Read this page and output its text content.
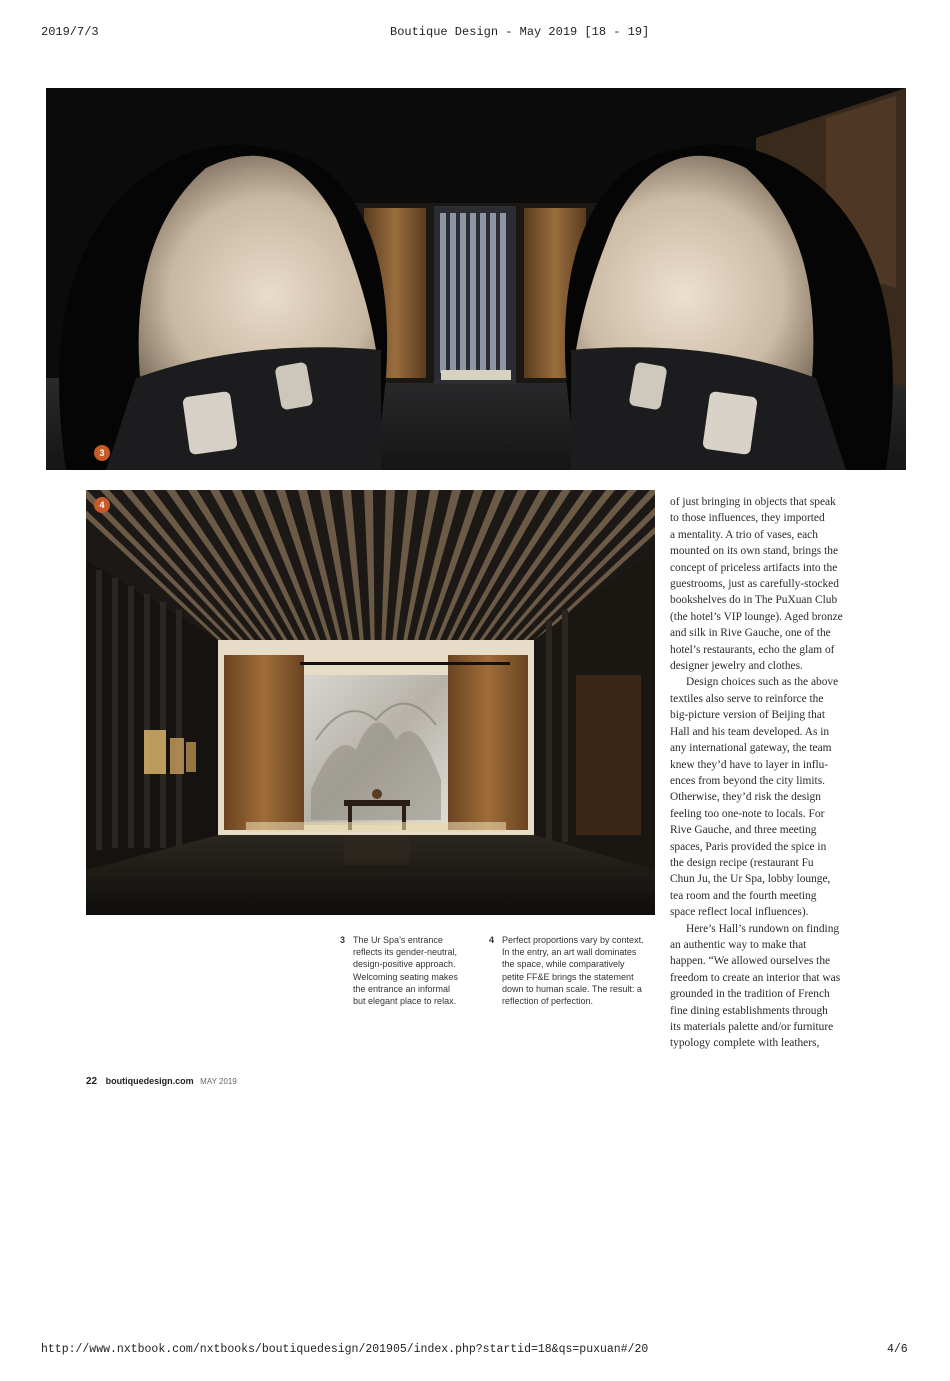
2019/7/3	Boutique Design - May 2019 [18 - 19]
3
4	of just bringing in objects that speak
to those influences, they imported
a mentality. A trio of vases, each
mounted on its own stand, brings the
concept of priceless artifacts into the
guestrooms, just as carefully-stocked
bookshelves do in The PuXuan Club
(the hotel’s VIP lounge). Aged bronze
and silk in Rive Gauche, one of the
hotel’s restaurants, echo the glam of
designer jewelry and clothes.
Design choices such as the above
textiles also serve to reinforce the
big-picture version of Beijing that
Hall and his team developed. As in
any international gateway, the team
knew they’d have to layer in influ-
ences from beyond the city limits.
Otherwise, they’d risk the design
feeling too one-note to locals. For
Rive Gauche, and three meeting
spaces, Paris provided the spice in
the design recipe (restaurant Fu
Chun Ju, the Ur Spa, lobby lounge,
tea room and the fourth meeting
space reflect local influences).
Here’s Hall’s rundown on finding
an authentic way to make that
happen. “We allowed ourselves the
freedom to create an interior that was
grounded in the tradition of French
fine dining establishments through
its materials palette and/or furniture
typology complete with leathers,
3 The Ur Spa’s entrance
reflects its gender-neutral,
design-positive approach.
Welcoming seating makes
the entrance an informal
but elegant place to relax.
4 Perfect proportions vary by context.
In the entry, an art wall dominates
the space, while comparatively
petite FF&E brings the statement
down to human scale. The result: a
reflection of perfection.
22 boutiquedesign.com MAY 2019
http://www.nxtbook.com/nxtbooks/boutiquedesign/201905/index.php?startid=18&qs=puxuan#/20	4/6
